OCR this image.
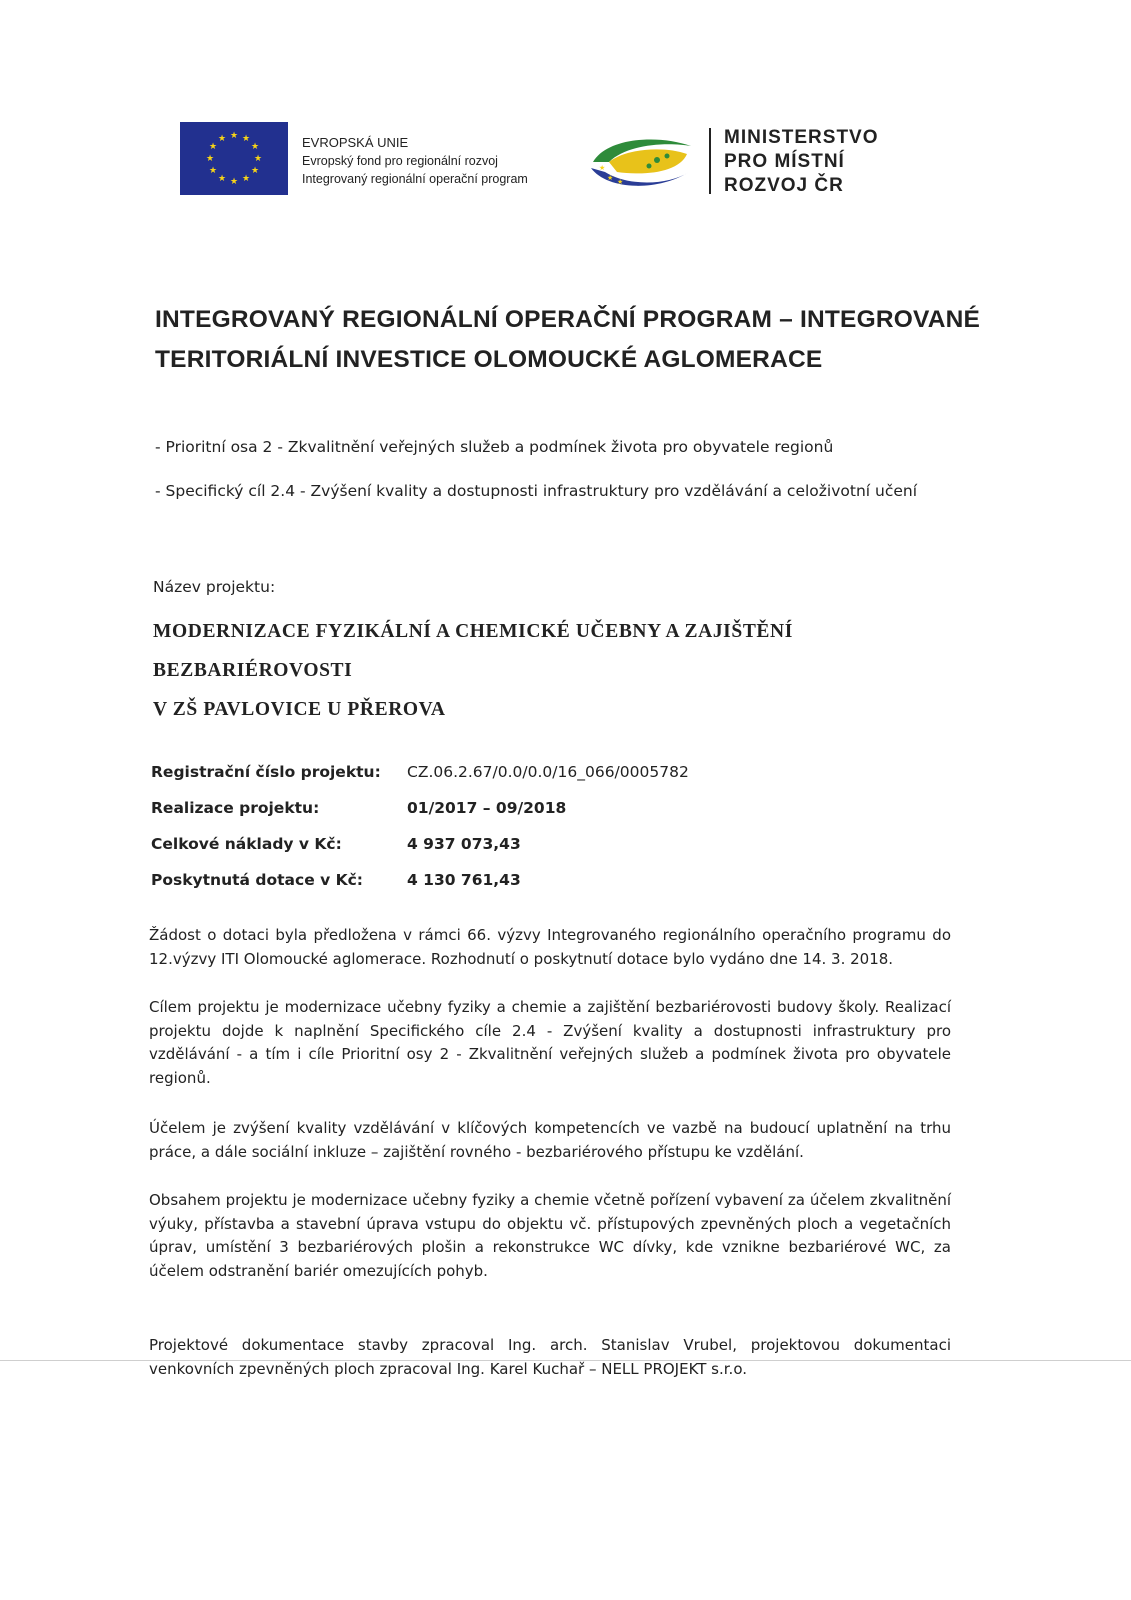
★ ★
★
★
★
★
★
★
★
★
★
★	EVROPSKÁ UNIE
Evropský fond pro regionální rozvoj
Integrovaný regionální operační program
★
★ ★
MINISTERSTVO
PRO MÍSTNÍ
ROZVOJ ČR
INTEGROVANÝ REGIONÁLNÍ OPERAČNÍ PROGRAM – INTEGROVANÉ
TERITORIÁLNÍ INVESTICE OLOMOUCKÉ AGLOMERACE
- Prioritní osa 2 - Zkvalitnění veřejných služeb a podmínek života pro obyvatele regionů
- Specifický cíl 2.4 - Zvýšení kvality a dostupnosti infrastruktury pro vzdělávání a celoživotní učení
Název projektu:
MODERNIZACE FYZIKÁLNÍ A CHEMICKÉ UČEBNY A ZAJIŠTĚNÍ BEZBARIÉROVOSTI
V ZŠ PAVLOVICE U PŘEROVA
Registrační číslo projektu:	CZ.06.2.67/0.0/0.0/16_066/0005782
Realizace projektu:	01/2017 – 09/2018
Celkové náklady v Kč:	4 937 073,43
Poskytnutá dotace v Kč:	4 130 761,43
Žádost o dotaci byla předložena v rámci 66. výzvy Integrovaného regionálního operačního programu do 12.výzvy ITI Olomoucké aglomerace. Rozhodnutí o poskytnutí dotace bylo vydáno dne 14. 3. 2018.
Cílem projektu je modernizace učebny fyziky a chemie a zajištění bezbariérovosti budovy školy. Realizací projektu dojde k naplnění Specifického cíle 2.4 - Zvýšení kvality a dostupnosti infrastruktury pro vzdělávání - a tím i cíle Prioritní osy 2 - Zkvalitnění veřejných služeb a podmínek života pro obyvatele regionů.
Účelem je zvýšení kvality vzdělávání v klíčových kompetencích ve vazbě na budoucí uplatnění na trhu práce, a dále sociální inkluze – zajištění rovného - bezbariérového přístupu ke vzdělání.
Obsahem projektu je modernizace učebny fyziky a chemie včetně pořízení vybavení za účelem zkvalitnění výuky, přístavba a stavební úprava vstupu do objektu vč. přístupových zpevněných ploch a vegetačních úprav, umístění 3 bezbariérových plošin a rekonstrukce WC dívky, kde vznikne bezbariérové WC, za účelem odstranění bariér omezujících pohyb.
Projektové dokumentace stavby zpracoval Ing. arch. Stanislav Vrubel, projektovou dokumentaci venkovních zpevněných ploch zpracoval Ing. Karel Kuchař – NELL PROJEKT s.r.o.
